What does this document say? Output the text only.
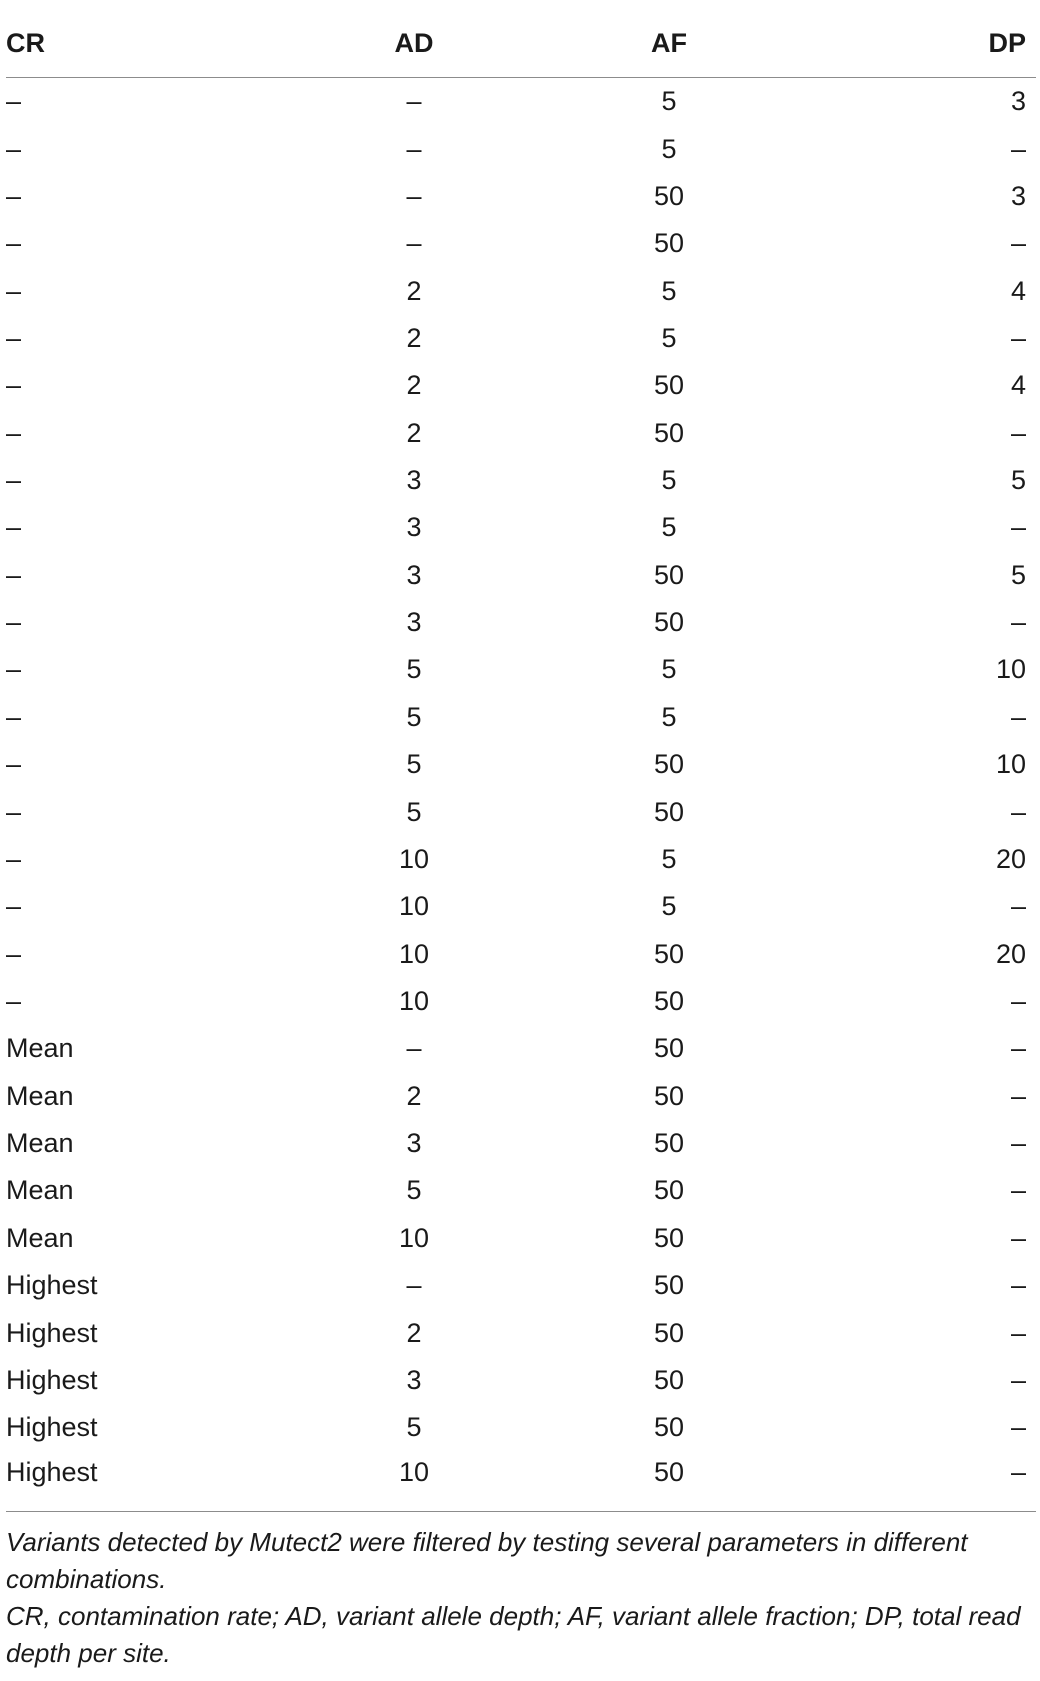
CR	AD	AF	DP
–	–	5	3
–	–	5	–
–	–	50	3
–	–	50	–
–	2	5	4
–	2	5	–
–	2	50	4
–	2	50	–
–	3	5	5
–	3	5	–
–	3	50	5
–	3	50	–
–	5	5	10
–	5	5	–
–	5	50	10
–	5	50	–
–	10	5	20
–	10	5	–
–	10	50	20
–	10	50	–
Mean	–	50	–
Mean	2	50	–
Mean	3	50	–
Mean	5	50	–
Mean	10	50	–
Highest	–	50	–
Highest	2	50	–
Highest	3	50	–
Highest	5	50	–
Highest	10	50	–

Variants detected by Mutect2 were filtered by testing several parameters in different combinations.

CR, contamination rate; AD, variant allele depth; AF, variant allele fraction; DP, total read depth per site.
